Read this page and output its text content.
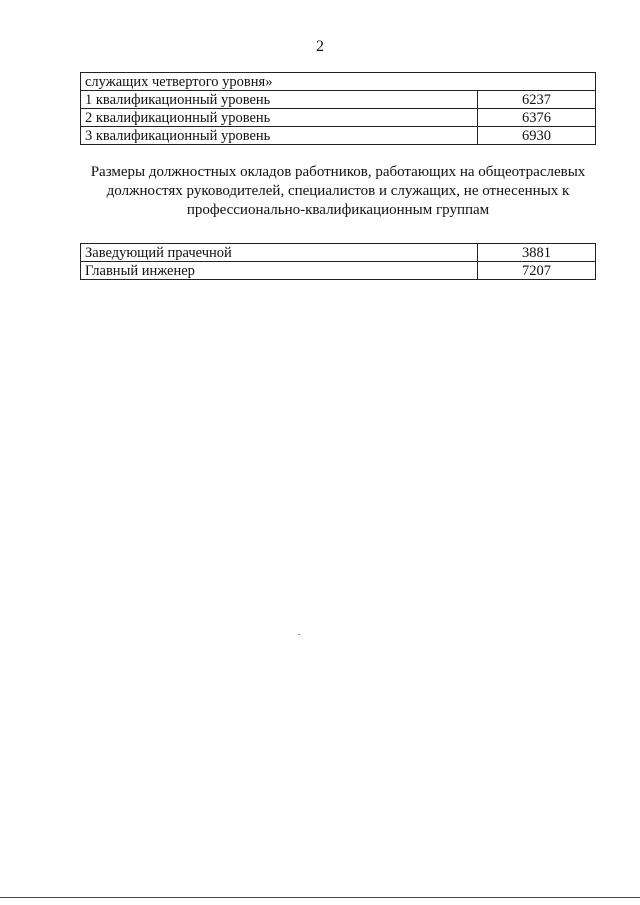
2
служащих четвертого уровня»	
1 квалификационный уровень	6237
2 квалификационный уровень	6376
3 квалификационный уровень	6930
Размеры должностных окладов работников, работающих на общеотраслевых
должностях руководителей, специалистов и служащих, не отнесенных к
профессионально-квалификационным группам
Заведующий прачечной	3881
Главный инженер	7207
